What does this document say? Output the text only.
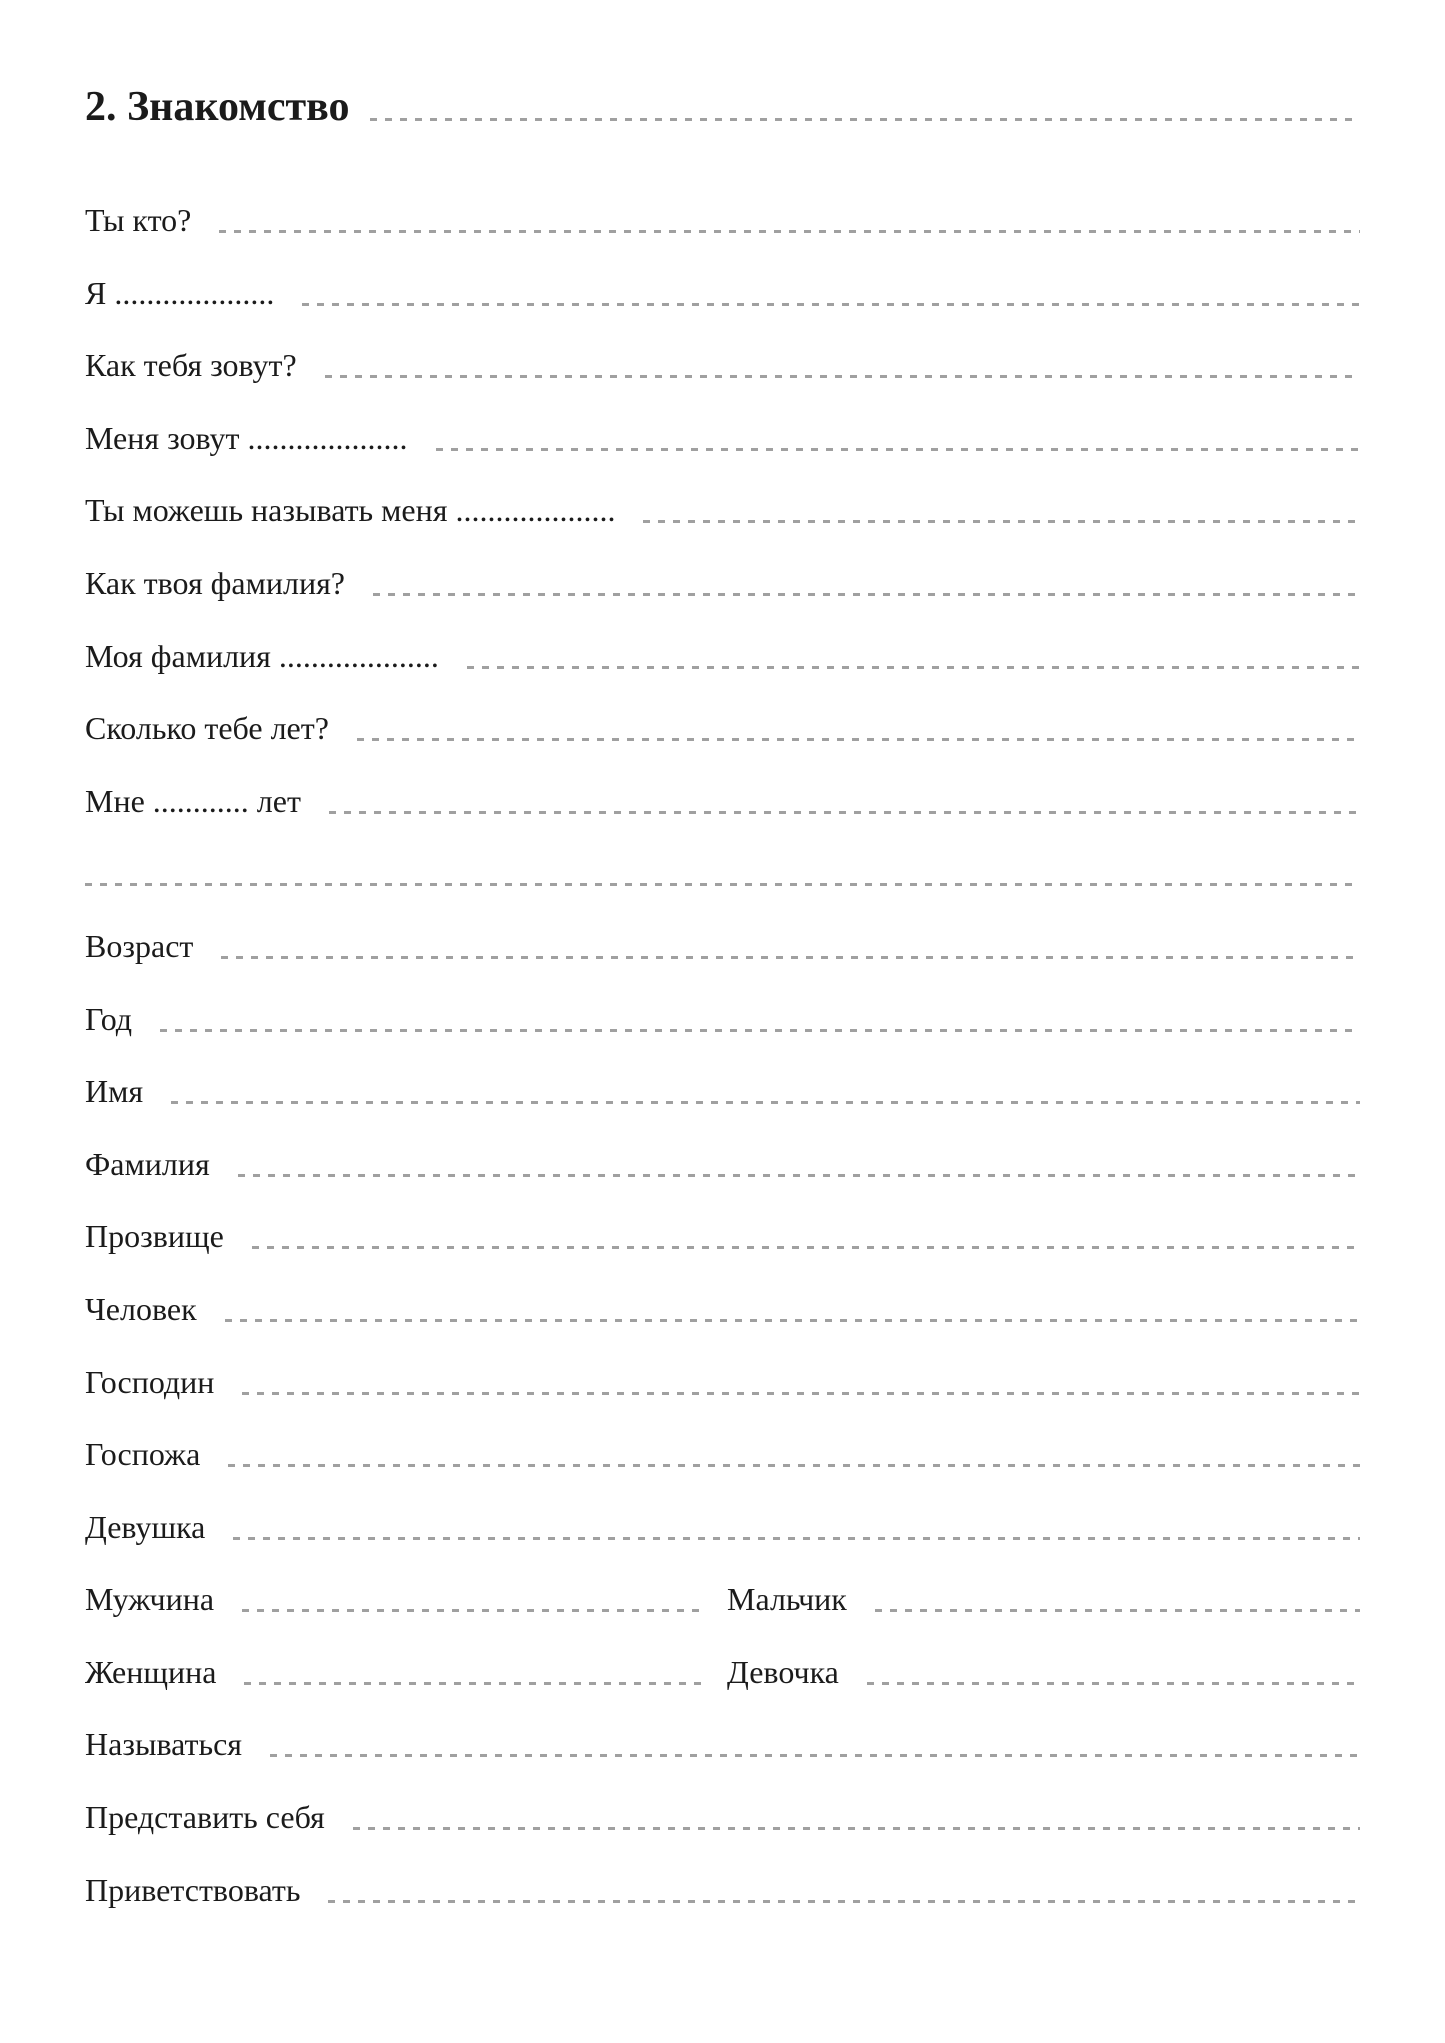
2. Знакомство
Ты кто?
Я ....................
Как тебя зовут?
Меня зовут ....................
Ты можешь называть меня ....................
Как твоя фамилия?
Моя фамилия ....................
Сколько тебе лет?
Мне ............ лет
Возраст
Год
Имя
Фамилия
Прозвище
Человек
Господин
Госпожа
Девушка
Мужчина	Мальчик
Женщина	Девочка
Называться
Представить себя
Приветствовать
